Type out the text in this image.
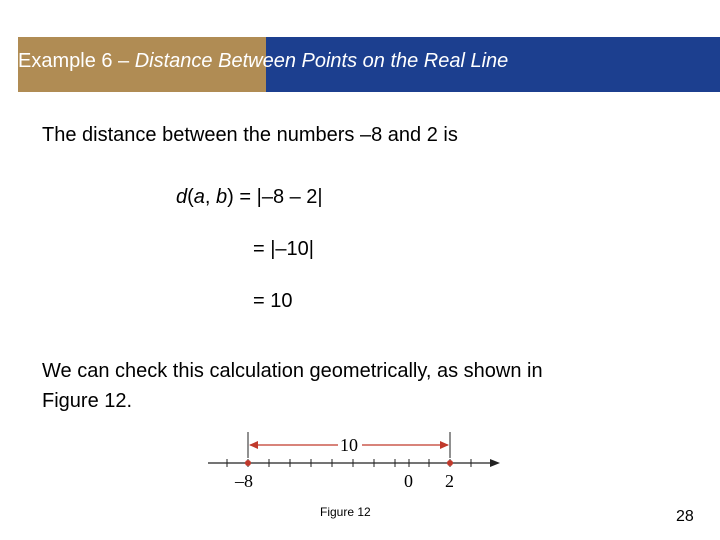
Example 6 – Distance Between Points on the Real Line
The distance between the numbers –8 and 2 is
d(a, b) = |–8 – 2|
= |–10|
= 10
We can check this calculation geometrically, as shown in
Figure 12.
10
–8	0 2
Figure 12	28
